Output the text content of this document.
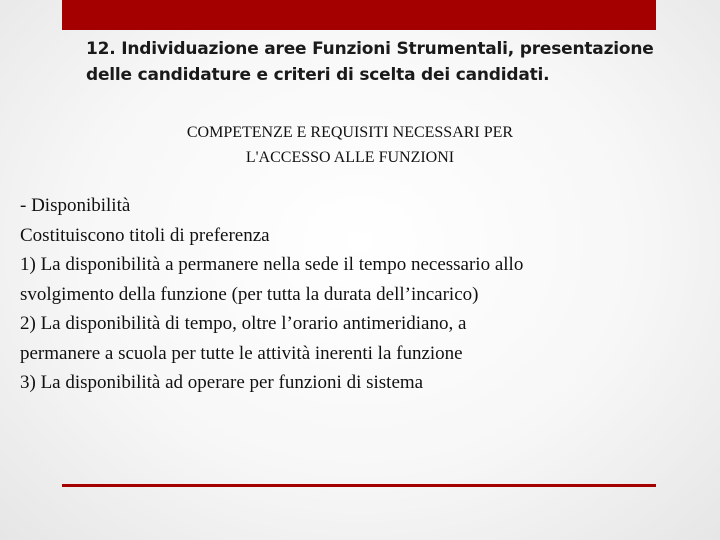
12. Individuazione aree Funzioni Strumentali, presentazione
delle candidature e criteri di scelta dei candidati.
COMPETENZE E REQUISITI NECESSARI PER
L'ACCESSO ALLE FUNZIONI
- Disponibilità
Costituiscono titoli di preferenza
1) La disponibilità a permanere nella sede il tempo necessario allo
svolgimento della funzione (per tutta la durata dell’incarico)
2) La disponibilità di tempo, oltre l’orario antimeridiano, a
permanere a scuola per tutte le attività inerenti la funzione
3) La disponibilità ad operare per funzioni di sistema
